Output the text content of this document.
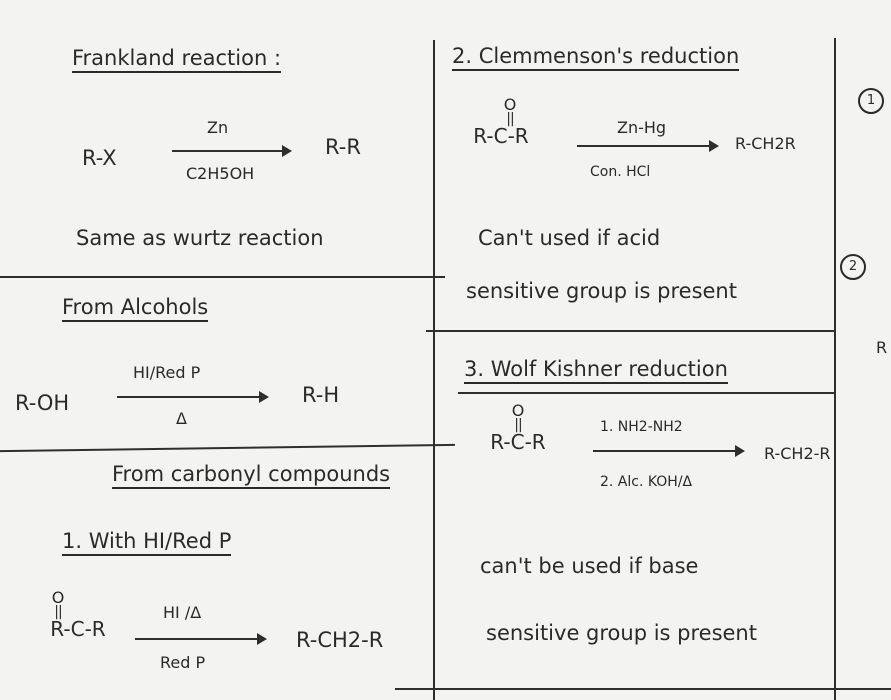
Frankland reaction :
R-X
Zn
C2H5OH
R-R
Same as wurtz reaction
From Alcohols
R-OH
HI/Red P
Δ
R-H
From carbonyl compounds
1. With HI/Red P
O
||
R-C-R
HI /Δ
Red P
R-CH2-R
2. Clemmenson's reduction
O
||
R-C-R	Zn-Hg
Con. HCl
R-CH2R
Can't used if acid
sensitive group is present
3. Wolf Kishner reduction
O
||
R-C-R
1. NH2-NH2
2. Alc. KOH/Δ
R-CH2-R
can't be used if base
sensitive group is present
1
2
R
